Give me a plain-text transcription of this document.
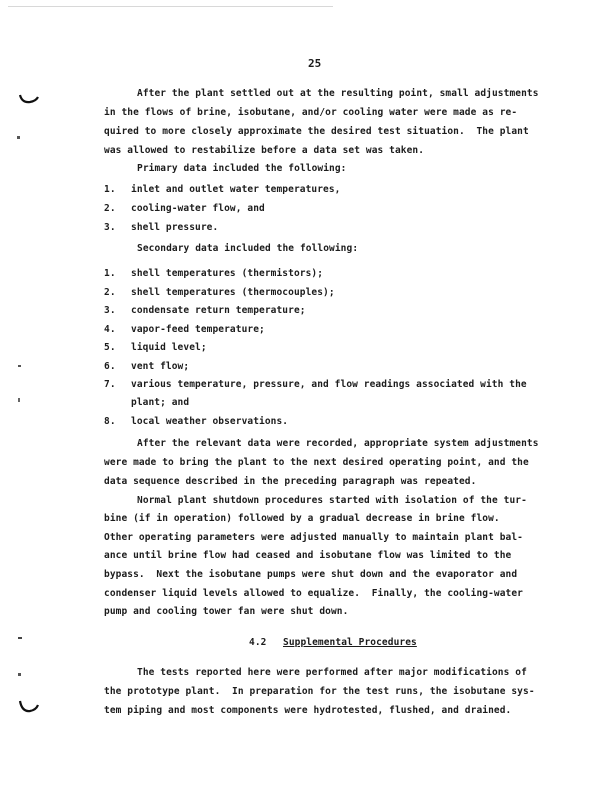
25
After the plant settled out at the resulting point, small adjustments
in the flows of brine, isobutane, and/or cooling water were made as re-
quired to more closely approximate the desired test situation.  The plant
was allowed to restabilize before a data set was taken.
Primary data included the following:
1. inlet and outlet water temperatures,
2. cooling-water flow, and
3. shell pressure.
Secondary data included the following:
1. shell temperatures (thermistors);
2. shell temperatures (thermocouples);
3. condensate return temperature;
4. vapor-feed temperature;
5. liquid level;
6. vent flow;
7. various temperature, pressure, and flow readings associated with the
plant; and
8. local weather observations.
After the relevant data were recorded, appropriate system adjustments
were made to bring the plant to the next desired operating point, and the
data sequence described in the preceding paragraph was repeated.
Normal plant shutdown procedures started with isolation of the tur-
bine (if in operation) followed by a gradual decrease in brine flow.
Other operating parameters were adjusted manually to maintain plant bal-
ance until brine flow had ceased and isobutane flow was limited to the
bypass.  Next the isobutane pumps were shut down and the evaporator and
condenser liquid levels allowed to equalize.  Finally, the cooling-water
pump and cooling tower fan were shut down.
4.2 Supplemental Procedures
The tests reported here were performed after major modifications of
the prototype plant.  In preparation for the test runs, the isobutane sys-
tem piping and most components were hydrotested, flushed, and drained.
